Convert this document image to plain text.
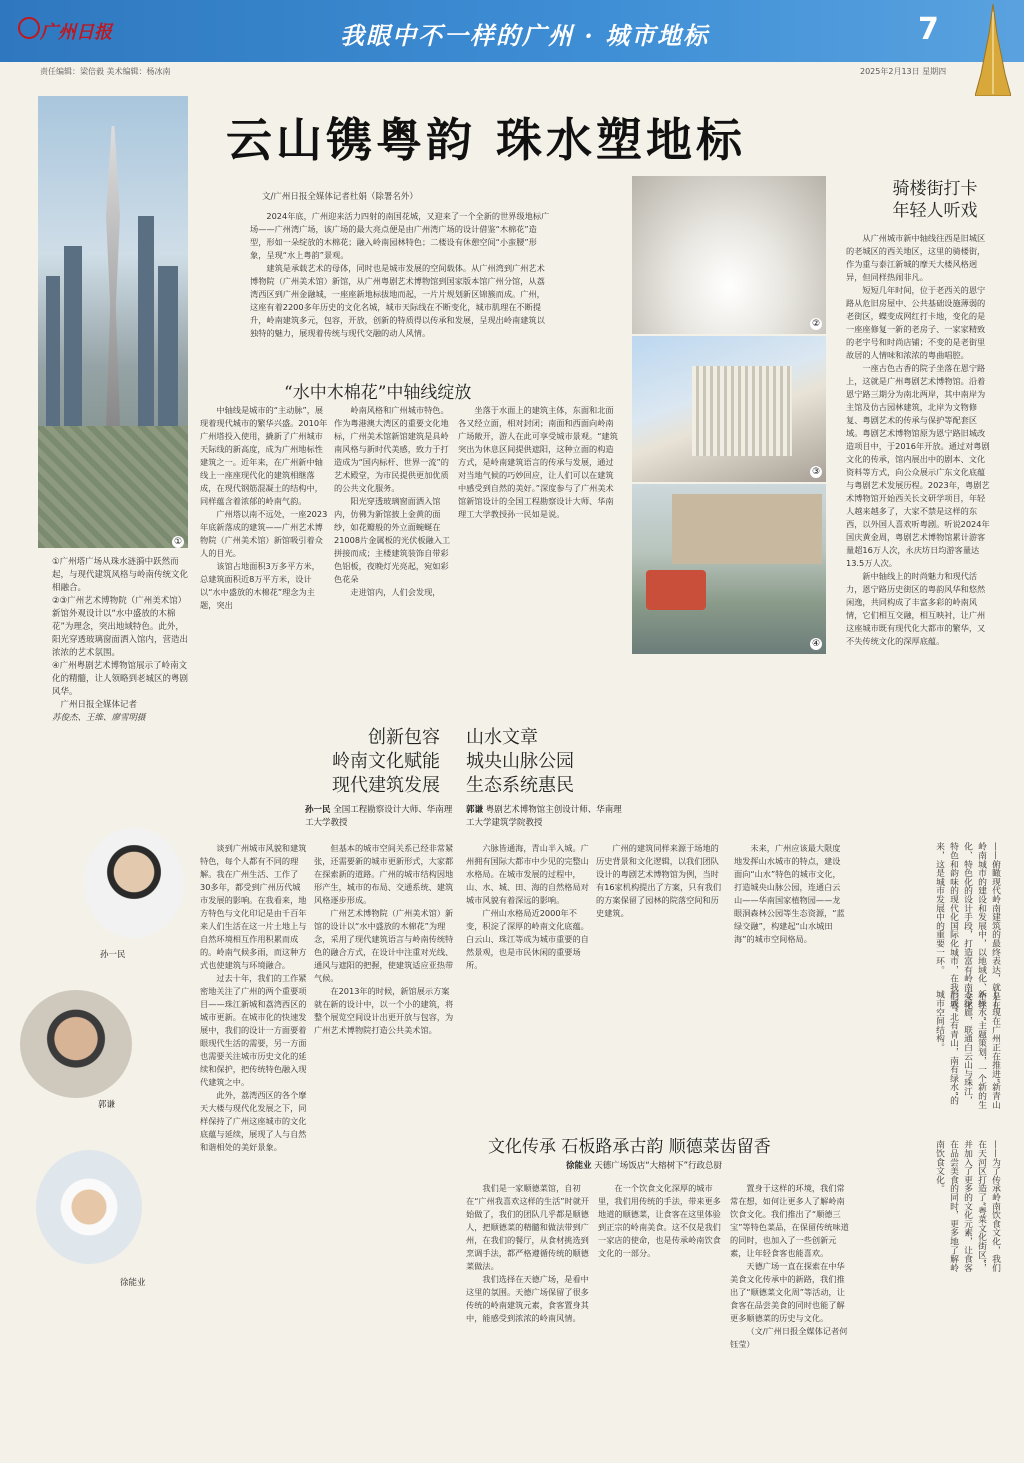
广州日报	我眼中不一样的广州 · 城市地标	7
责任编辑：梁倍毅 美术编辑：杨冰南	2025年2月13日 星期四
云山镌粤韵 珠水塑地标
①

①广州塔广场从珠水涟漪中跃然而起，与现代建筑风格与岭南传统文化相融合。

②③广州艺术博物院（广州美术馆）新馆外观设计以“水中盛放的木棉花”为理念，突出地域特色。此外，阳光穿透玻璃窗面洒入馆内，营造出浓浓的艺术氛围。

④广州粤剧艺术博物馆展示了岭南文化的精髓，让人领略到老城区的粤剧风华。

广州日报全媒体记者

苏俊杰、王维、廖雪明摄

文/广州日报全媒体记者杜娟（除署名外）

2024年底，广州迎来活力四射的南国花城，又迎来了一个全新的世界级地标广场——广州湾广场，该广场的最大亮点便是由广州湾广场的设计借鉴“木棉花”造型，形如一朵绽放的木棉花；融入岭南园林特色；二楼设有休憩空间“小蛮腰”形象，呈现“水上粤韵”景观。

建筑是承载艺术的母体，同时也是城市发展的空间载体。从广州湾到广州艺术博物院（广州美术馆）新馆，从广州粤剧艺术博物馆到国家版本馆广州分馆，从荔湾西区到广州金融城，一座座新地标拔地而起，一片片规划新区锦簇而成。广州，这座有着2200多年历史的文化名城，城市天际线在不断变化，城市肌理在不断提升，岭南建筑多元，包容，开放，创新的特质得以传承和发展，呈现出岭南建筑以独特的魅力，展现着传统与现代交融的动人风情。

②
③
④
骑楼街打卡
年轻人听戏

从广州城市新中轴线往西是旧城区的老城区的西关地区，这里的骑楼街，作为重与泰江新城的摩天大楼风格迥异，但同样热闹非凡。

短短几年时间，位于老西关的恩宁路从危旧房屋中、公共基础设施薄弱的老街区，蝶变成网红打卡地，变化的是一座座修复一新的老房子、一家家精致的老字号和时尚店铺；不变的是老街里故居的人情味和浓浓的粤曲唱腔。

一座古色古香的院子坐落在恩宁路上，这就是广州粤剧艺术博物馆。沿着恩宁路三期分为南北两岸，其中南岸为主馆及仿古园林建筑，北岸为文物修复、粤剧艺术的传承与保护等配套区域。粤剧艺术博物馆原为恩宁路旧城改造项目中，于2016年开放。通过对粤剧文化的传承，馆内展出中的剧本、文化资料等方式，向公众展示广东文化底蕴与粤剧艺术发展历程。2023年，粤剧艺术博物馆开始西关长文研学项目，年轻人越来越多了，大家不禁是这样的东西，以外国人喜欢听粤剧。听说2024年国庆黄金周，粤剧艺术博物馆累计游客量超16万人次，永庆坊日均游客量达13.5万人次。

新中轴线上的时尚魅力和现代活力，恩宁路历史街区的粤韵风华和悠然闲逸，共同构成了丰富多彩的岭南风情，它们相互交融，相互映衬，让广州这座城市既有现代化大都市的繁华，又不失传统文化的深厚底蕴。

“水中木棉花”中轴线绽放

中轴线是城市的“主动脉”，展现着现代城市的繁华兴盛。2010年广州塔投入使用，撬新了广州城市天际线的新高度，成为广州地标性建筑之一。近年来，在广州新中轴线上一座座现代化的建筑相继落成，在现代钢筋混凝土的结构中，同样蕴含着浓郁的岭南气韵。

广州塔以南不远处，一座2023年底新落成的建筑——广州艺术博物院（广州美术馆）新馆吸引着众人的目光。

该馆占地面积3万多平方米，总建筑面积近8万平方米，设计以“水中盛放的木棉花”理念为主题，突出

岭南风格和广州城市特色。作为粤港澳大湾区的重要文化地标，广州美术馆新馆建筑是具岭南风格与新时代美感，致力于打造成为“国内标杆、世界一流”的艺术殿堂，为市民提供更加优质的公共文化服务。

阳光穿透玻璃窗面洒入馆内，仿佛为新馆披上金黄的面纱，如花瓣般的外立面蜿蜒在21008片金属板的光伏板融入工拼接而成；主楼建筑装饰自带彩色铝板，夜晚灯光亮起，宛如彩色花朵

走进馆内，人们会发现，

坐落于水面上的建筑主体，东面和北面各又经立面，相对封闭；南面和西面向岭南广场敞开，游人在此可享受城市景观。“建筑突出为休息区间提供遮阳，这种立面的构造方式，是岭南建筑语言的传承与发展，通过对当地气候的巧妙回应，让人们可以在建筑中感受到自然的美好。”深度参与了广州美术馆新馆设计的全国工程勘察设计大师、华南理工大学教授孙一民如是说。

创新包容
岭南文化赋能
现代建筑发展
山水文章
城央山脉公园
生态系统惠民
孙一民 全国工程勘察设计大师、华南理工大学教授
郭谦 粤剧艺术博物馆主创设计师、华南理工大学建筑学院教授
孙一民
郭谦
徐能业

谈到广州城市风貌和建筑特色，每个人都有不同的理解。我在广州生活、工作了30多年，都受到广州历代城市发展的影响。在我看来，地方特色与文化印记是由千百年来人们生活在这一片土地上与自然环境相互作用积累而成的。岭南气候多雨，而这种方式也使建筑与环境融合。

过去十年，我们的工作紧密地关注了广州的两个重要项目——珠江新城和荔湾西区的城市更新。在城市化的快速发展中，我们的设计一方面要着眼现代生活的需要，另一方面也需要关注城市历史文化的延续和保护，把传统特色融入现代建筑之中。

此外，荔湾西区的各个摩天大楼与现代化发展之下，同样保持了广州这座城市的文化底蕴与延续，展现了人与自然和谐相处的美好景象。

但基本的城市空间关系已经非常紧张，还需要新的城市更新形式，大家都在探索新的道路。广州的城市结构因地形产生，城市的布局、交通系统、建筑风格逐步形成。

广州艺术博物院（广州美术馆）新馆的设计以“水中盛放的木棉花”为理念，采用了现代建筑语言与岭南传统特色的融合方式，在设计中注重对光线、通风与遮阳的把握，使建筑适应亚热带气候。

在2013年的时候，新馆展示方案就在新的设计中，以一个小的建筑，将整个展览空间设计出更开放与包容，为广州艺术博物院打造公共美术馆。

六脉皆通海，青山半入城。广州拥有国际大都市中少见的完整山水格局。在城市发展的过程中，山、水、城、田、海的自然格局对城市风貌有着深远的影响。

广州山水格局近2000年不变，积淀了深厚的岭南文化底蕴。白云山、珠江等成为城市重要的自然景观，也是市民休闲的重要场所。

广州的建筑同样来源于场地的历史背景和文化逻辑，以我们团队设计的粤剧艺术博物馆为例，当时有16家机构提出了方案，只有我们的方案保留了园林的院落空间和历史建筑。

未来，广州应该最大限度地发挥山水城市的特点，建设面向“山水”特色的城市文化，打造城央山脉公园，连通白云山——华南国家植物园——龙眼洞森林公园等生态资源，“蓝绿交融”，构建起“山水城田海”的城市空间格局。	——俯瞰现代岭南建筑的最终表达，就是在岭南城市的建设和发展中，以地域化、个性化、特色化的设计手段，打造富有岭南文化特色和韵味的现代化国际化城市，在我们看来，这是城市发展中的重要一环。
——现在广州正在推进“新青山新绿水”主题策划，一个新的生态绿廊，联通白云山与珠江，形成“北有青山，南有绿水”的城市空间结构。
——为了传承岭南饮食文化，我们在天河区打造了“粤菜文化街区”，并加入了更多的文化元素，让食客在品尝美食的同时，更多地了解岭南饮食文化。
文化传承 石板路承古韵 顺德菜齿留香
徐能业 天德广场饭店“大榕树下”行政总厨

我们是一家顺德菜馆，自初在“广州我喜欢这样的生活”时就开始做了，我们的团队几乎都是顺德人，把顺德菜的精髓和做法带到广州，在我们的餐厅，从食材挑选到烹调手法，都严格遵循传统的顺德菜做法。

我们选择在天德广场，是看中这里的氛围。天德广场保留了很多传统的岭南建筑元素，食客置身其中，能感受到浓浓的岭南风情。

在一个饮食文化深厚的城市里，我们用传统的手法，带来更多地道的顺德菜，让食客在这里体验到正宗的岭南美食。这不仅是我们一家店的使命，也是传承岭南饮食文化的一部分。

置身于这样的环境，我们常常在想，如何让更多人了解岭南饮食文化。我们推出了“顺德三宝”等特色菜品，在保留传统味道的同时，也加入了一些创新元素，让年轻食客也能喜欢。

天德广场一直在探索在中华美食文化传承中的新路，我们推出了“顺德菜文化周”等活动，让食客在品尝美食的同时也能了解更多顺德菜的历史与文化。

（文/广州日报全媒体记者何钰莹）
